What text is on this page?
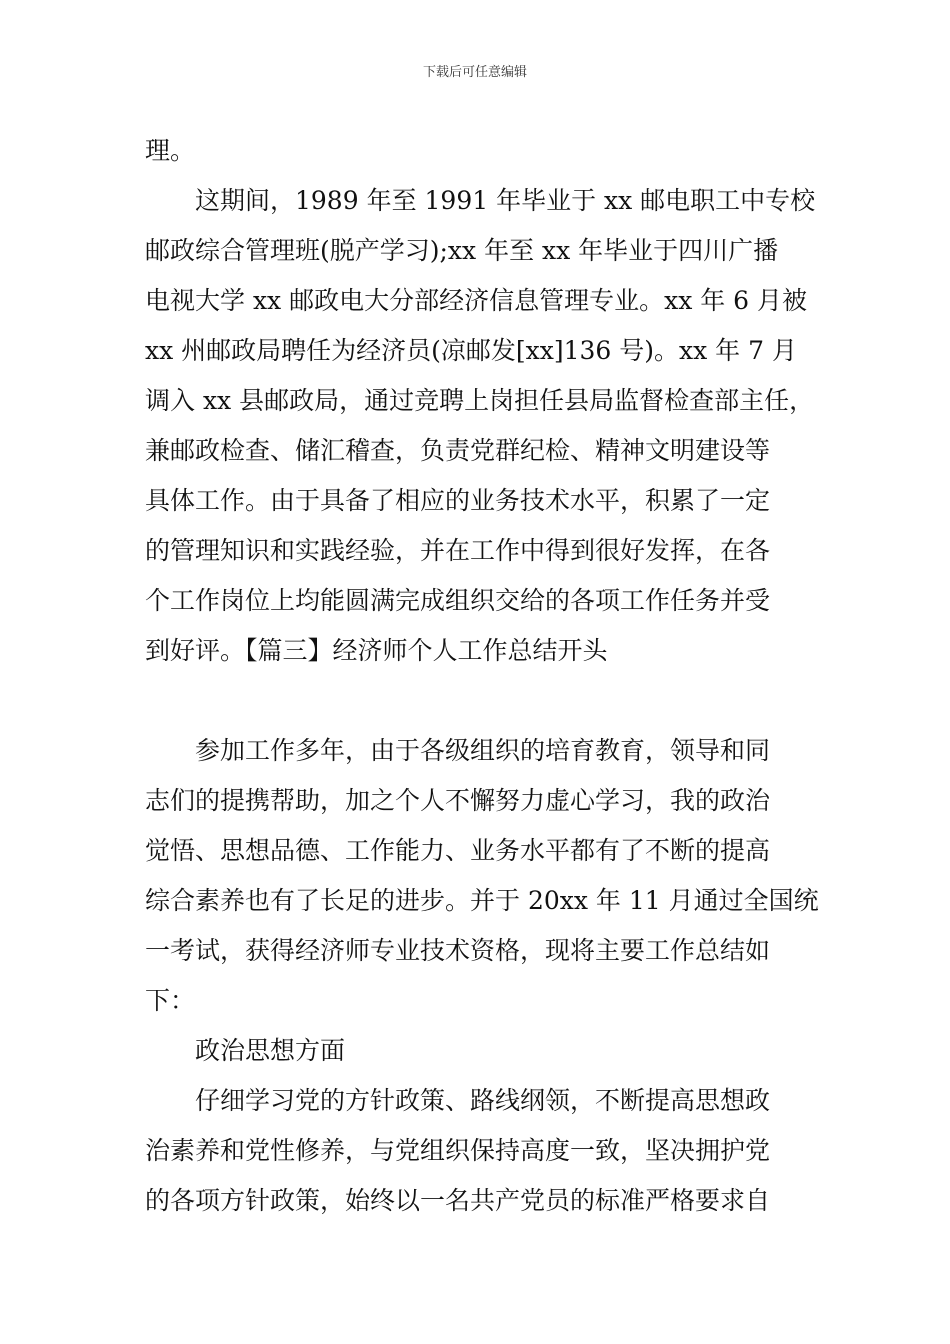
下载后可任意编辑
理。
这期间，1989 年至 1991 年毕业于 xx 邮电职工中专校
邮政综合管理班(脱产学习);xx 年至 xx 年毕业于四川广播
电视大学 xx 邮政电大分部经济信息管理专业。xx 年 6 月被
xx 州邮政局聘任为经济员(凉邮发[xx]136 号)。xx 年 7 月
调入 xx 县邮政局，通过竞聘上岗担任县局监督检查部主任，
兼邮政检查、储汇稽查，负责党群纪检、精神文明建设等
具体工作。由于具备了相应的业务技术水平，积累了一定
的管理知识和实践经验，并在工作中得到很好发挥，在各
个工作岗位上均能圆满完成组织交给的各项工作任务并受
到好评。【篇三】经济师个人工作总结开头
参加工作多年，由于各级组织的培育教育，领导和同
志们的提携帮助，加之个人不懈努力虚心学习，我的政治
觉悟、思想品德、工作能力、业务水平都有了不断的提高
综合素养也有了长足的进步。并于 20xx 年 11 月通过全国统
一考试，获得经济师专业技术资格，现将主要工作总结如
下：
政治思想方面
仔细学习党的方针政策、路线纲领，不断提高思想政
治素养和党性修养，与党组织保持高度一致，坚决拥护党
的各项方针政策，始终以一名共产党员的标准严格要求自
